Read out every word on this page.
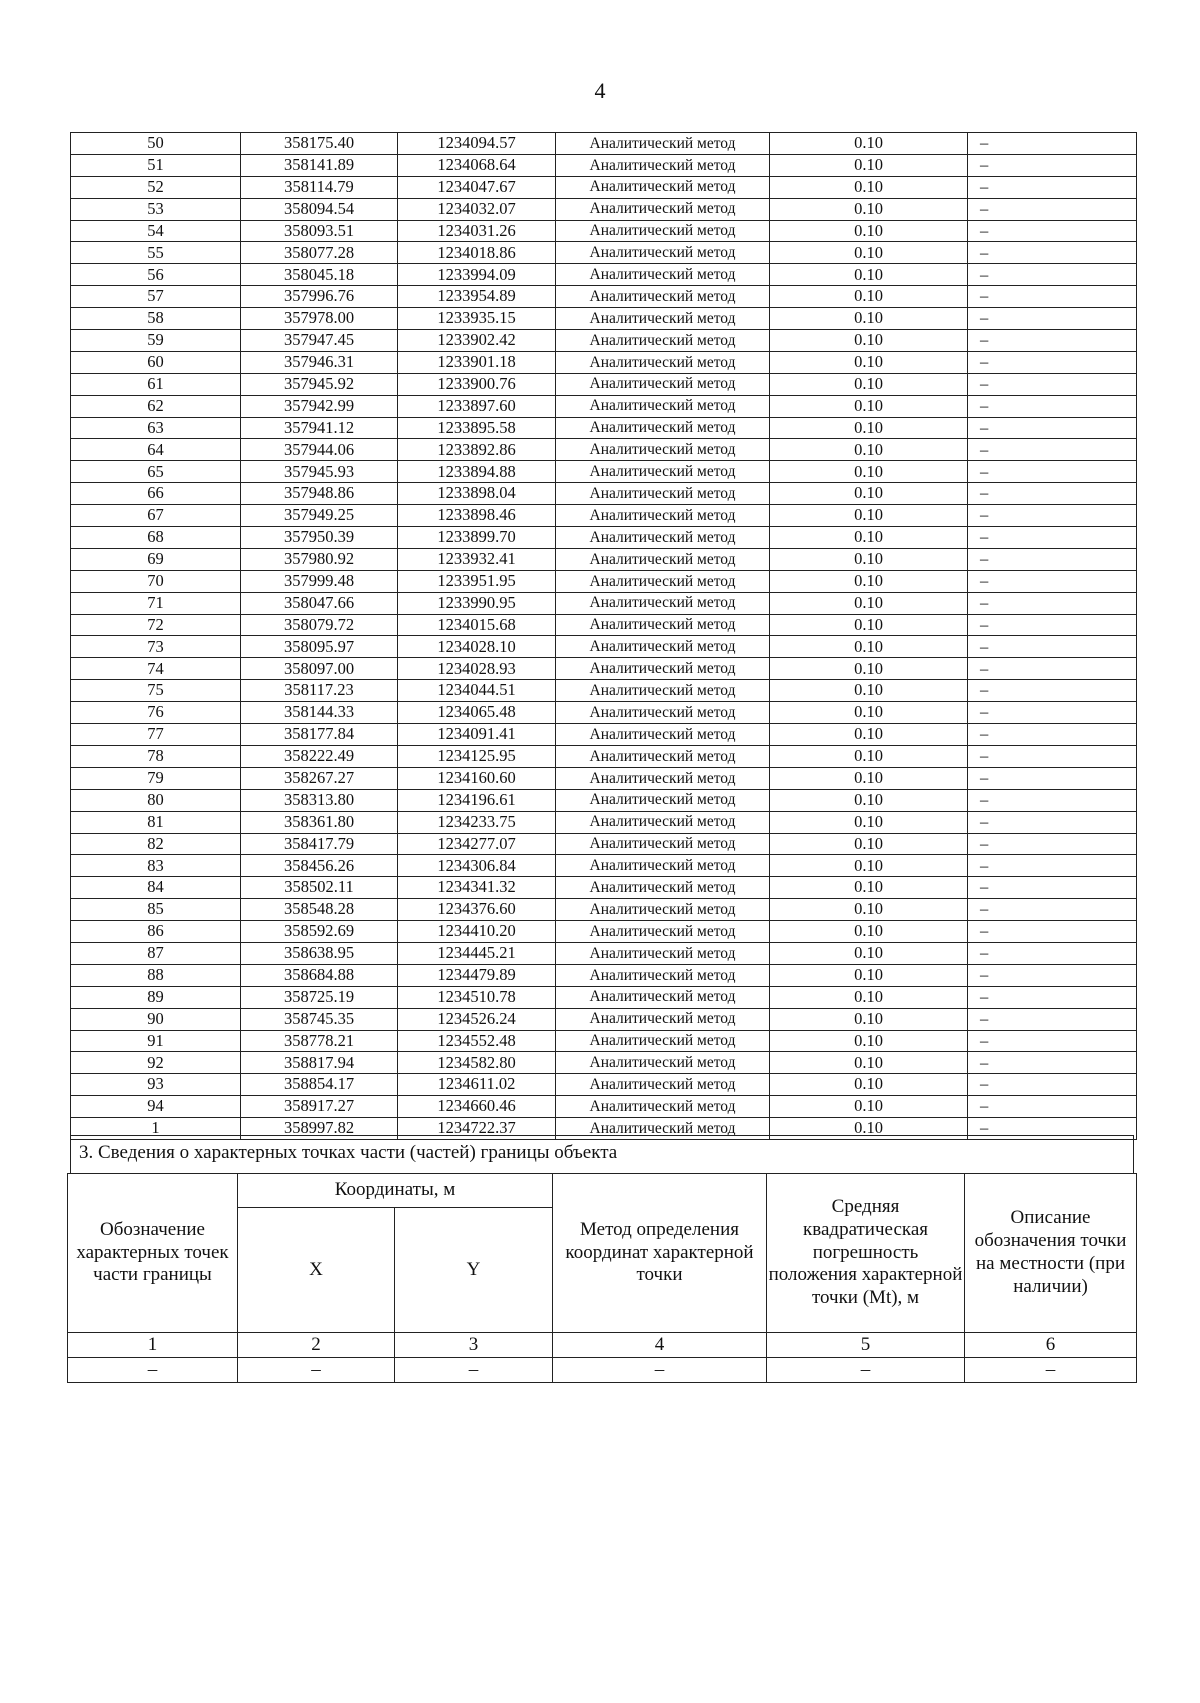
4
50	358175.40	1234094.57	Аналитический метод	0.10	–
51	358141.89	1234068.64	Аналитический метод	0.10	–
52	358114.79	1234047.67	Аналитический метод	0.10	–
53	358094.54	1234032.07	Аналитический метод	0.10	–
54	358093.51	1234031.26	Аналитический метод	0.10	–
55	358077.28	1234018.86	Аналитический метод	0.10	–
56	358045.18	1233994.09	Аналитический метод	0.10	–
57	357996.76	1233954.89	Аналитический метод	0.10	–
58	357978.00	1233935.15	Аналитический метод	0.10	–
59	357947.45	1233902.42	Аналитический метод	0.10	–
60	357946.31	1233901.18	Аналитический метод	0.10	–
61	357945.92	1233900.76	Аналитический метод	0.10	–
62	357942.99	1233897.60	Аналитический метод	0.10	–
63	357941.12	1233895.58	Аналитический метод	0.10	–
64	357944.06	1233892.86	Аналитический метод	0.10	–
65	357945.93	1233894.88	Аналитический метод	0.10	–
66	357948.86	1233898.04	Аналитический метод	0.10	–
67	357949.25	1233898.46	Аналитический метод	0.10	–
68	357950.39	1233899.70	Аналитический метод	0.10	–
69	357980.92	1233932.41	Аналитический метод	0.10	–
70	357999.48	1233951.95	Аналитический метод	0.10	–
71	358047.66	1233990.95	Аналитический метод	0.10	–
72	358079.72	1234015.68	Аналитический метод	0.10	–
73	358095.97	1234028.10	Аналитический метод	0.10	–
74	358097.00	1234028.93	Аналитический метод	0.10	–
75	358117.23	1234044.51	Аналитический метод	0.10	–
76	358144.33	1234065.48	Аналитический метод	0.10	–
77	358177.84	1234091.41	Аналитический метод	0.10	–
78	358222.49	1234125.95	Аналитический метод	0.10	–
79	358267.27	1234160.60	Аналитический метод	0.10	–
80	358313.80	1234196.61	Аналитический метод	0.10	–
81	358361.80	1234233.75	Аналитический метод	0.10	–
82	358417.79	1234277.07	Аналитический метод	0.10	–
83	358456.26	1234306.84	Аналитический метод	0.10	–
84	358502.11	1234341.32	Аналитический метод	0.10	–
85	358548.28	1234376.60	Аналитический метод	0.10	–
86	358592.69	1234410.20	Аналитический метод	0.10	–
87	358638.95	1234445.21	Аналитический метод	0.10	–
88	358684.88	1234479.89	Аналитический метод	0.10	–
89	358725.19	1234510.78	Аналитический метод	0.10	–
90	358745.35	1234526.24	Аналитический метод	0.10	–
91	358778.21	1234552.48	Аналитический метод	0.10	–
92	358817.94	1234582.80	Аналитический метод	0.10	–
93	358854.17	1234611.02	Аналитический метод	0.10	–
94	358917.27	1234660.46	Аналитический метод	0.10	–
1	358997.82	1234722.37	Аналитический метод	0.10	–
3. Сведения о характерных точках части (частей) границы объекта
Обозначение характерных точек части границы	Координаты, м		Метод определения координат характерной точки	Средняя квадратическая погрешность положения характерной точки (Mt), м	Описание обозначения точки на местности (при наличии)
	X	Y			
1	2	3	4	5	6
–	–	–	–	–	–
